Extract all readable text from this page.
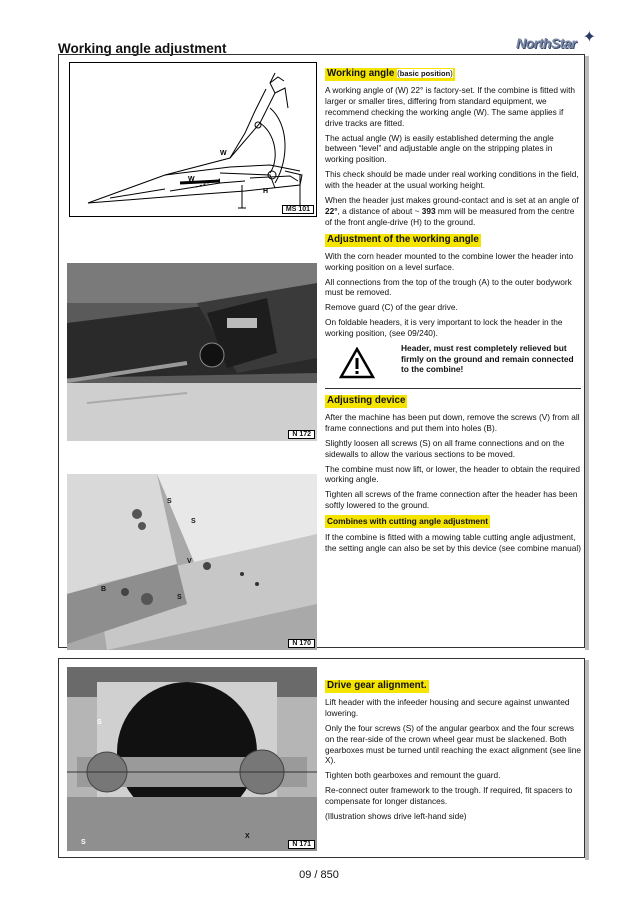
Working angle adjustment	NorthStar ✦
W
W
H
MS 101
N 172
S
S
V
B
S
N 170
Working angle (basic position)

A working angle of (W) 22° is factory-set. If the combine is fitted with larger or smaller tires, differing from standard equipment, we recommend checking the working angle (W). The same applies if drive tracks are fitted.

The actual angle (W) is easily established determing the angle between “level” and adjustable angle on the stripping plates in working position.

This check should be made under real working conditions in the field, with the header at the usual working height.

When the header just makes ground-contact and is set at an angle of 22°, a distance of about ~ 393 mm will be measured from the centre of the front angle-drive (H) to the ground.

Adjustment of the working angle

With the corn header mounted to the combine lower the header into working position on a level surface.

All connections from the top of the trough (A) to the outer bodywork must be removed.

Remove guard (C) of the gear drive.

On foldable headers, it is very important to lock the header in the working position, (see 09/240).

Header, must rest completely relieved but firmly on the ground and remain connected to the combine!
Adjusting device

After the machine has been put down, remove the screws (V) from all frame connections and put them into holes (B).

Slightly loosen all screws (S) on all frame connections and on the sidewalls to allow the various sections to be moved.

The combine must now lift, or lower, the header to obtain the required working angle.

Tighten all screws of the frame connection after the header has been softly lowered to the ground.

Combines with cutting angle adjustment

If the combine is fitted with a mowing table cutting angle adjustment, the setting angle can also be set by this device (see combine manual)

S
S
X
N 171
Drive gear alignment.

Lift header with the infeeder housing and secure against unwanted lowering.

Only the four screws (S) of the angular gearbox and the four screws on the rear-side of the crown wheel gear must be slackened. Both gearboxes must be turned until reaching the exact alignment (see line X).

Tighten both gearboxes and remount the guard.

Re-connect outer framework to the trough. If required, fit spacers to compensate for longer distances.

(Illustration shows drive left-hand side)

09 / 850
